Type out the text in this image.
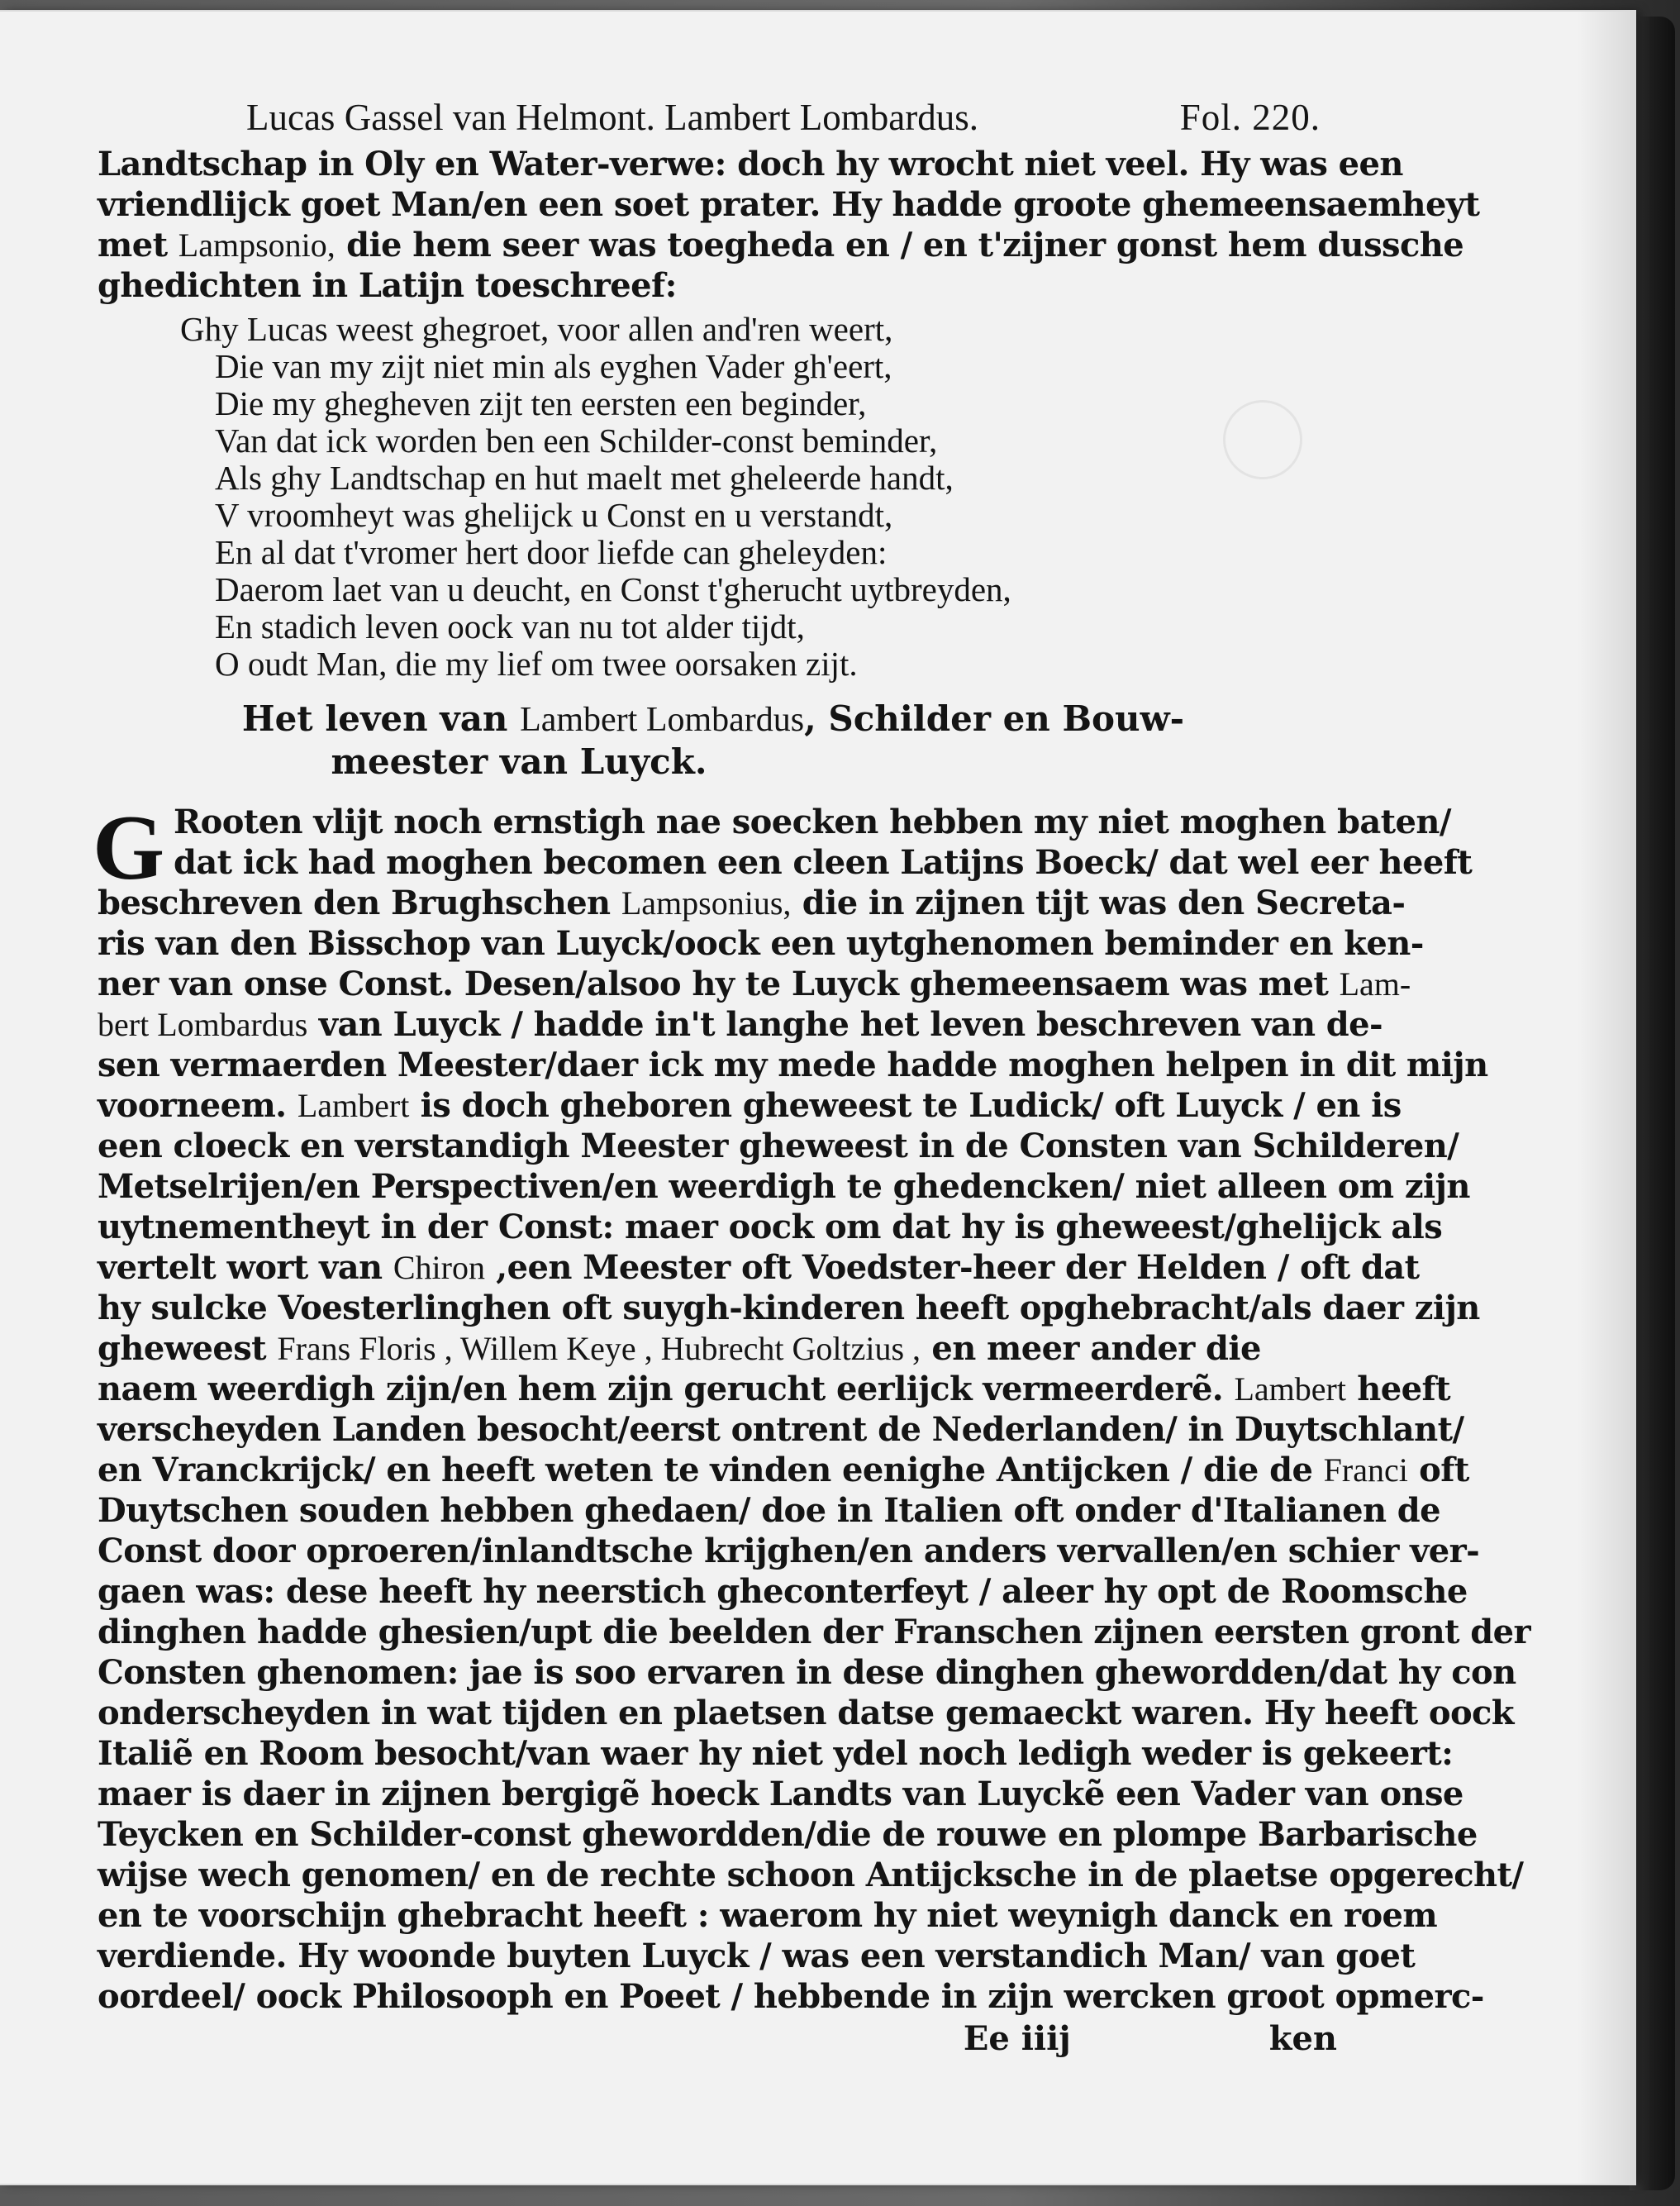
Lucas Gassel van Helmont. Lambert Lombardus.	Fol. 220.
Landtschap in Oly en Water-verwe: doch hy wrocht niet veel. Hy was een
vriendlijck goet Man/en een soet prater. Hy hadde groote ghemeensaemheyt
met Lampsonio, die hem seer was toegheda en / en t'zijner gonst hem dussche
ghedichten in Latijn toeschreef:
Ghy Lucas weest ghegroet, voor allen and'ren weert,
Die van my zijt niet min als eyghen Vader gh'eert,
Die my ghegheven zijt ten eersten een beginder,
Van dat ick worden ben een Schilder-const beminder,
Als ghy Landtschap en hut maelt met gheleerde handt,
V vroomheyt was ghelijck u Const en u verstandt,
En al dat t'vromer hert door liefde can gheleyden:
Daerom laet van u deucht, en Const t'gherucht uytbreyden,
En stadich leven oock van nu tot alder tijdt,
O oudt Man, die my lief om twee oorsaken zijt.
Het leven van Lambert Lombardus, Schilder en Bouw-
meester van Luyck.
G Rooten vlijt noch ernstigh nae soecken hebben my niet moghen baten/
dat ick had moghen becomen een cleen Latijns Boeck/ dat wel eer heeft
beschreven den Brughschen Lampsonius, die in zijnen tijt was den Secreta-
ris van den Bisschop van Luyck/oock een uytghenomen beminder en ken-
ner van onse Const. Desen/alsoo hy te Luyck ghemeensaem was met Lam-
bert Lombardus van Luyck / hadde in't langhe het leven beschreven van de-
sen vermaerden Meester/daer ick my mede hadde moghen helpen in dit mijn
voorneem. Lambert is doch gheboren gheweest te Ludick/ oft Luyck / en is
een cloeck en verstandigh Meester gheweest in de Consten van Schilderen/
Metselrijen/en Perspectiven/en weerdigh te ghedencken/ niet alleen om zijn
uytnementheyt in der Const: maer oock om dat hy is gheweest/ghelijck als
vertelt wort van Chiron ,een Meester oft Voedster-heer der Helden / oft dat
hy sulcke Voesterlinghen oft suygh-kinderen heeft opghebracht/als daer zijn
gheweest Frans Floris , Willem Keye , Hubrecht Goltzius , en meer ander die
naem weerdigh zijn/en hem zijn gerucht eerlijck vermeerderẽ. Lambert heeft
verscheyden Landen besocht/eerst ontrent de Nederlanden/ in Duytschlant/
en Vranckrijck/ en heeft weten te vinden eenighe Antijcken / die de Franci oft
Duytschen souden hebben ghedaen/ doe in Italien oft onder d'Italianen de
Const door oproeren/inlandtsche krijghen/en anders vervallen/en schier ver-
gaen was: dese heeft hy neerstich gheconterfeyt / aleer hy opt de Roomsche
dinghen hadde ghesien/upt die beelden der Franschen zijnen eersten gront der
Consten ghenomen: jae is soo ervaren in dese dinghen ghewordden/dat hy con
onderscheyden in wat tijden en plaetsen datse gemaeckt waren. Hy heeft oock
Italiẽ en Room besocht/van waer hy niet ydel noch ledigh weder is gekeert:
maer is daer in zijnen bergigẽ hoeck Landts van Luyckẽ een Vader van onse
Teycken en Schilder-const ghewordden/die de rouwe en plompe Barbarische
wijse wech genomen/ en de rechte schoon Antijcksche in de plaetse opgerecht/
en te voorschijn ghebracht heeft : waerom hy niet weynigh danck en roem
verdiende. Hy woonde buyten Luyck / was een verstandich Man/ van goet
oordeel/ oock Philosooph en Poeet / hebbende in zijn wercken groot opmerc-
Ee iiij	ken
